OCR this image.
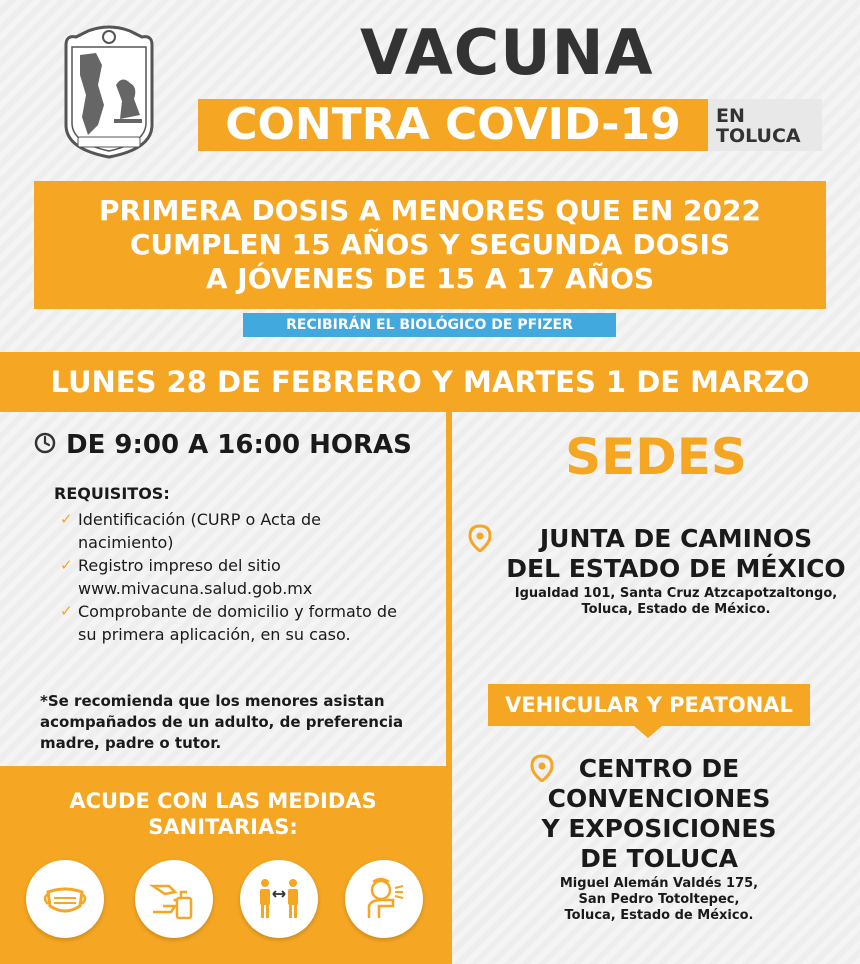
VACUNA
CONTRA COVID-19	EN
TOLUCA
PRIMERA DOSIS A MENORES QUE EN 2022
CUMPLEN 15 AÑOS Y SEGUNDA DOSIS
A JÓVENES DE 15 A 17 AÑOS
RECIBIRÁN EL BIOLÓGICO DE PFIZER
LUNES 28 DE FEBRERO Y MARTES 1 DE MARZO
DE 9:00 A 16:00 HORAS
REQUISITOS:
✓ Identificación (CURP o Acta de nacimiento)
✓ Registro impreso del sitio www.mivacuna.salud.gob.mx
✓ Comprobante de domicilio y formato de su primera aplicación, en su caso.
*Se recomienda que los menores asistan acompañados de un adulto, de preferencia madre, padre o tutor.
ACUDE CON LAS MEDIDAS
SANITARIAS:
SEDES
JUNTA DE CAMINOS
DEL ESTADO DE MÉXICO
Igualdad 101, Santa Cruz Atzcapotzaltongo,
Toluca, Estado de México.
VEHICULAR Y PEATONAL
CENTRO DE
CONVENCIONES
Y EXPOSICIONES
DE TOLUCA
Miguel Alemán Valdés 175,
San Pedro Totoltepec,
Toluca, Estado de México.
